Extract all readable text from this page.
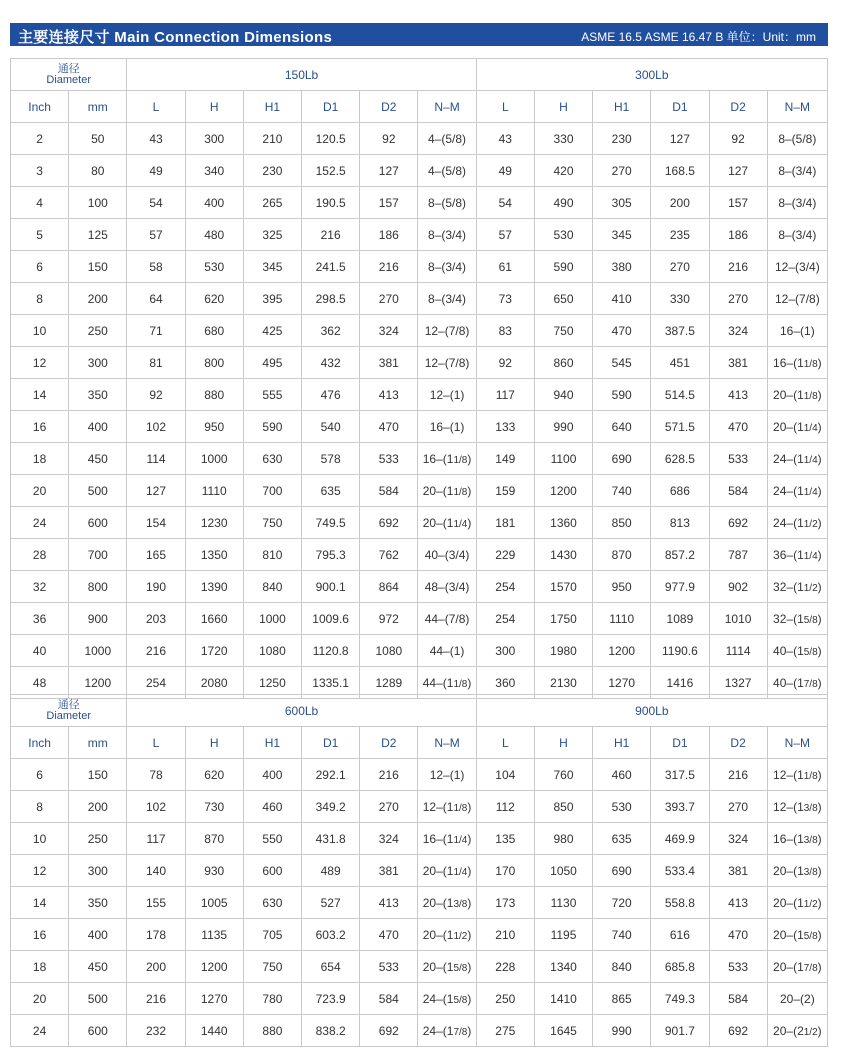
主要连接尺寸 Main Connection Dimensions	ASME 16.5 ASME 16.47 B 单位：Unit：mm
通径
Diameter		150Lb						300Lb					
Inch	mm	L	H	H1	D1	D2	N–M	L	H	H1	D1	D2	N–M
2	50	43	300	210	120.5	92	4–(5/8)	43	330	230	127	92	8–(5/8)
3	80	49	340	230	152.5	127	4–(5/8)	49	420	270	168.5	127	8–(3/4)
4	100	54	400	265	190.5	157	8–(5/8)	54	490	305	200	157	8–(3/4)
5	125	57	480	325	216	186	8–(3/4)	57	530	345	235	186	8–(3/4)
6	150	58	530	345	241.5	216	8–(3/4)	61	590	380	270	216	12–(3/4)
8	200	64	620	395	298.5	270	8–(3/4)	73	650	410	330	270	12–(7/8)
10	250	71	680	425	362	324	12–(7/8)	83	750	470	387.5	324	16–(1)
12	300	81	800	495	432	381	12–(7/8)	92	860	545	451	381	16–(11/8)
14	350	92	880	555	476	413	12–(1)	117	940	590	514.5	413	20–(11/8)
16	400	102	950	590	540	470	16–(1)	133	990	640	571.5	470	20–(11/4)
18	450	114	1000	630	578	533	16–(11/8)	149	1100	690	628.5	533	24–(11/4)
20	500	127	1110	700	635	584	20–(11/8)	159	1200	740	686	584	24–(11/4)
24	600	154	1230	750	749.5	692	20–(11/4)	181	1360	850	813	692	24–(11/2)
28	700	165	1350	810	795.3	762	40–(3/4)	229	1430	870	857.2	787	36–(11/4)
32	800	190	1390	840	900.1	864	48–(3/4)	254	1570	950	977.9	902	32–(11/2)
36	900	203	1660	1000	1009.6	972	44–(7/8)	254	1750	1110	1089	1010	32–(15/8)
40	1000	216	1720	1080	1120.8	1080	44–(1)	300	1980	1200	1190.6	1114	40–(15/8)
48	1200	254	2080	1250	1335.1	1289	44–(11/8)	360	2130	1270	1416	1327	40–(17/8)
通径
Diameter		600Lb						900Lb					
Inch	mm	L	H	H1	D1	D2	N–M	L	H	H1	D1	D2	N–M
6	150	78	620	400	292.1	216	12–(1)	104	760	460	317.5	216	12–(11/8)
8	200	102	730	460	349.2	270	12–(11/8)	112	850	530	393.7	270	12–(13/8)
10	250	117	870	550	431.8	324	16–(11/4)	135	980	635	469.9	324	16–(13/8)
12	300	140	930	600	489	381	20–(11/4)	170	1050	690	533.4	381	20–(13/8)
14	350	155	1005	630	527	413	20–(13/8)	173	1130	720	558.8	413	20–(11/2)
16	400	178	1135	705	603.2	470	20–(11/2)	210	1195	740	616	470	20–(15/8)
18	450	200	1200	750	654	533	20–(15/8)	228	1340	840	685.8	533	20–(17/8)
20	500	216	1270	780	723.9	584	24–(15/8)	250	1410	865	749.3	584	20–(2)
24	600	232	1440	880	838.2	692	24–(17/8)	275	1645	990	901.7	692	20–(21/2)
